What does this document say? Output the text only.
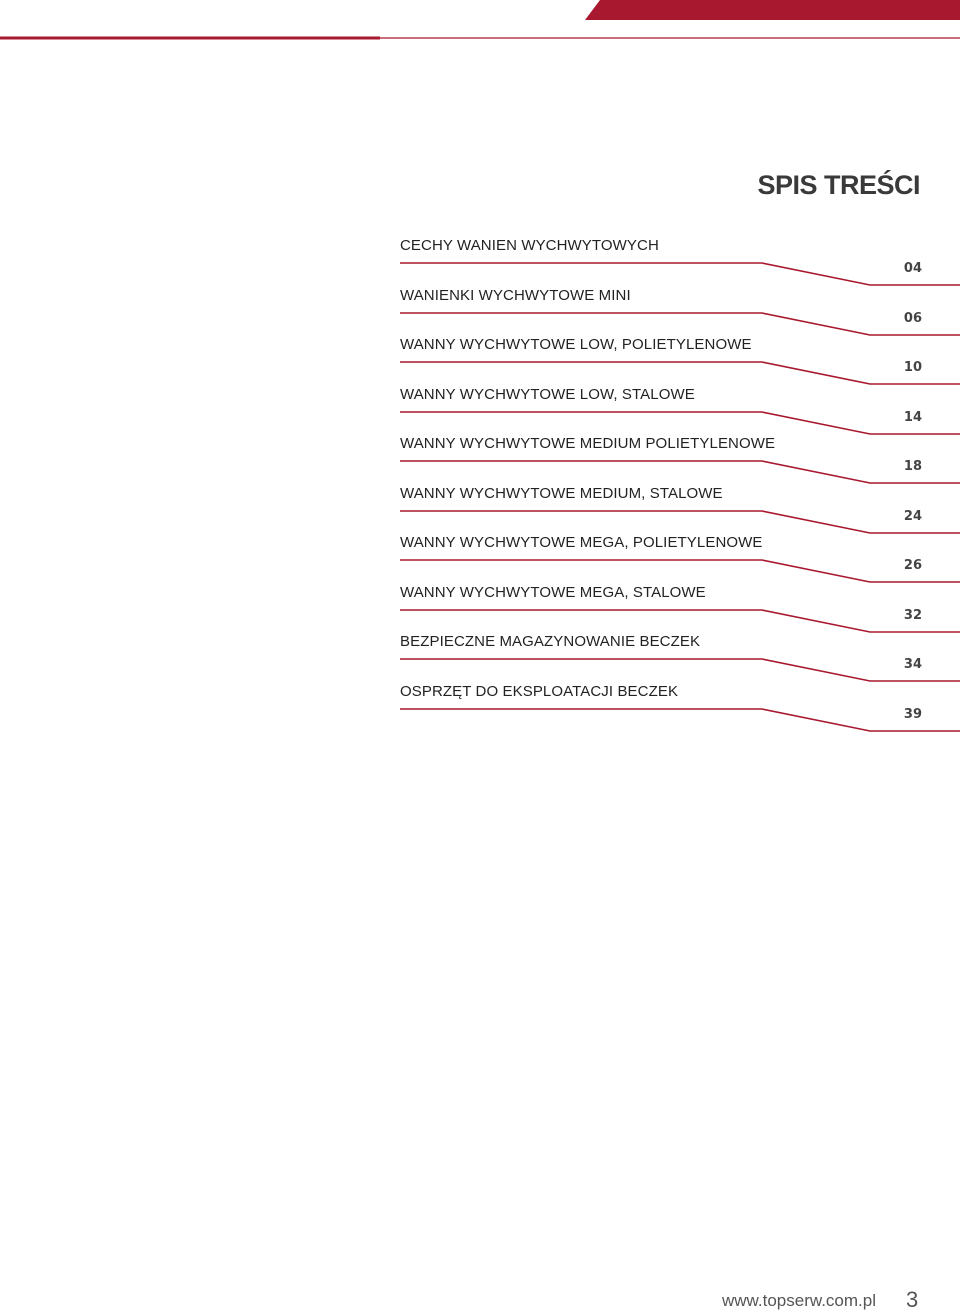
SPIS TREŚCI
CECHY WANIEN WYCHWYTOWYCH
04
WANIENKI WYCHWYTOWE MINI
06
WANNY WYCHWYTOWE LOW, POLIETYLENOWE
10
WANNY WYCHWYTOWE LOW, STALOWE
14
WANNY WYCHWYTOWE MEDIUM POLIETYLENOWE
18
WANNY WYCHWYTOWE MEDIUM, STALOWE
24
WANNY WYCHWYTOWE MEGA, POLIETYLENOWE
26
WANNY WYCHWYTOWE MEGA, STALOWE
32
BEZPIECZNE MAGAZYNOWANIE BECZEK
34
OSPRZĘT DO EKSPLOATACJI BECZEK
39
www.topserw.com.pl 3
